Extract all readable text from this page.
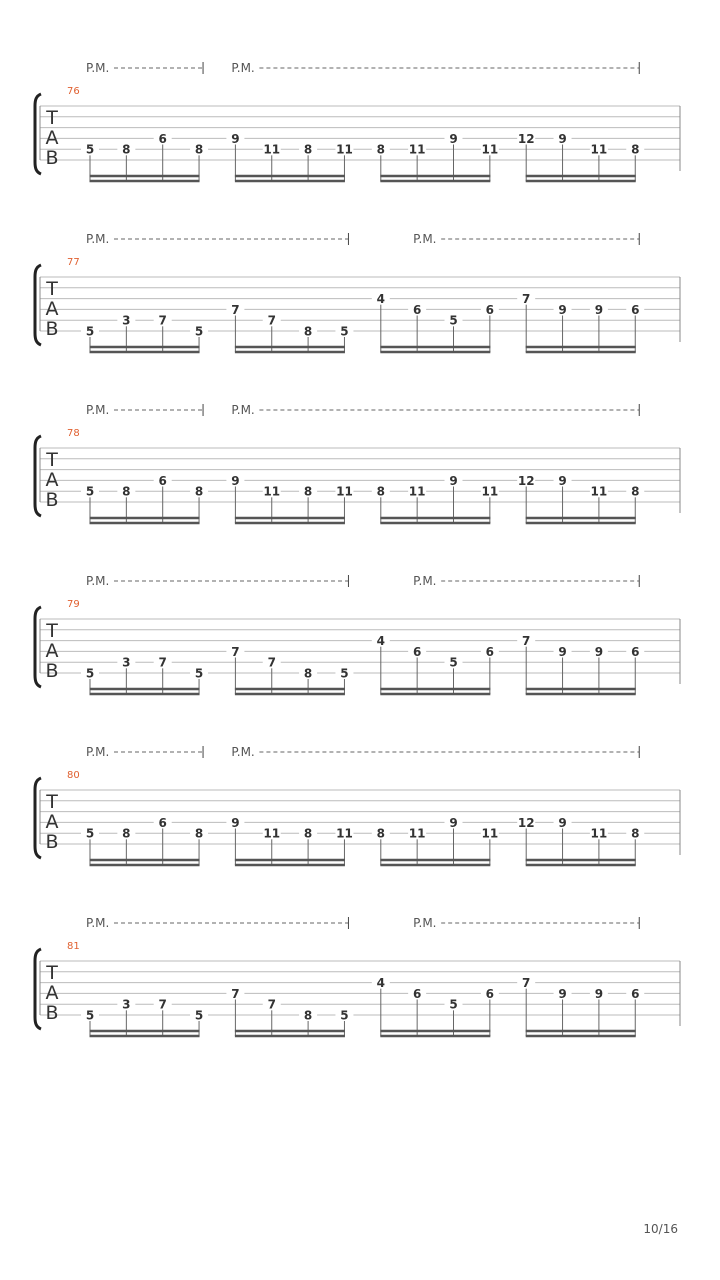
76
T
A
B
P.M.	P.M.
5 8
6
8
9
11 8 11 8 11
9
11
12 9
11 8
77
T
A
B
P.M.	P.M.
5
3 7
5
7
7
8 5
4
6
5
6
7
9 9 6
78
T
A
B
P.M.	P.M.
5 8
6
8
9
11 8 11 8 11
9
11
12 9
11 8
79
T
A
B
P.M.	P.M.
5
3 7
5
7
7
8 5
4
6
5
6
7
9 9 6
80
T
A
B
P.M.	P.M.
5 8
6
8
9
11 8 11 8 11
9
11
12 9
11 8
81
T
A
B
P.M.	P.M.
5
3 7
5
7
7
8 5
4
6
5
6
7
9 9 6
10/16
